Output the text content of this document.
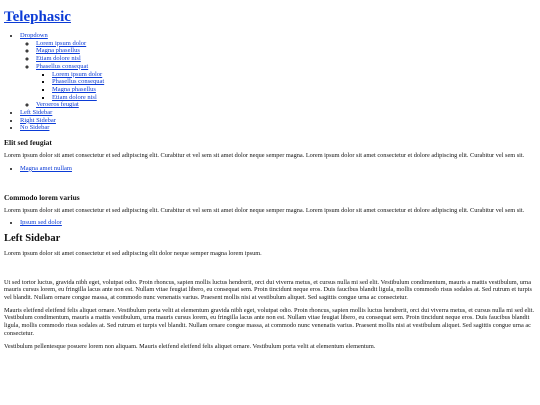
Telephasic
• Dropdown
◦ Lorem ipsum dolor
◦ Magna phasellus
◦ Etiam dolore nisl
◦ Phasellus consequat
▪ Lorem ipsum dolor
▪ Phasellus consequat
▪ Magna phasellus
▪ Etiam dolore nisl
◦ Veroeros feugiat
• Left Sidebar
• Right Sidebar
• No Sidebar
Elit sed feugiat

Lorem ipsum dolor sit amet consectetur et sed adipiscing elit. Curabitur et vel sem sit amet dolor neque semper magna. Lorem ipsum dolor sit amet consectetur et dolore adipiscing elit. Curabitur vel sem sit.

• Magna amet nullam
Commodo lorem varius

Lorem ipsum dolor sit amet consectetur et sed adipiscing elit. Curabitur et vel sem sit amet dolor neque semper magna. Lorem ipsum dolor sit amet consectetur et dolore adipiscing elit. Curabitur vel sem sit.

• Ipsum sed dolor
Left Sidebar

Lorem ipsum dolor sit amet consectetur et sed adipiscing elit dolor neque semper magna lorem ipsum.

Ut sed tortor luctus, gravida nibh eget, volutpat odio. Proin rhoncus, sapien mollis luctus hendrerit, orci dui viverra metus, et cursus nulla mi sed elit. Vestibulum condimentum, mauris a mattis vestibulum, urna mauris cursus lorem, eu fringilla lacus ante non est. Nullam vitae feugiat libero, eu consequat sem. Proin tincidunt neque eros. Duis faucibus blandit ligula, mollis commodo risus sodales at. Sed rutrum et turpis vel blandit. Nullam ornare congue massa, at commodo nunc venenatis varius. Praesent mollis nisi at vestibulum aliquet. Sed sagittis congue urna ac consectetur.

Mauris eleifend eleifend felis aliquet ornare. Vestibulum porta velit at elementum gravida nibh eget, volutpat odio. Proin rhoncus, sapien mollis luctus hendrerit, orci dui viverra metus, et cursus nulla mi sed elit. Vestibulum condimentum, mauris a mattis vestibulum, urna mauris cursus lorem, eu fringilla lacus ante non est. Nullam vitae feugiat libero, eu consequat sem. Proin tincidunt neque eros. Duis faucibus blandit ligula, mollis commodo risus sodales at. Sed rutrum et turpis vel blandit. Nullam ornare congue massa, at commodo nunc venenatis varius. Praesent mollis nisi at vestibulum aliquet. Sed sagittis congue urna ac consectetur.

Vestibulum pellentesque posuere lorem non aliquam. Mauris eleifend eleifend felis aliquet ornare. Vestibulum porta velit at elementum elementum.
